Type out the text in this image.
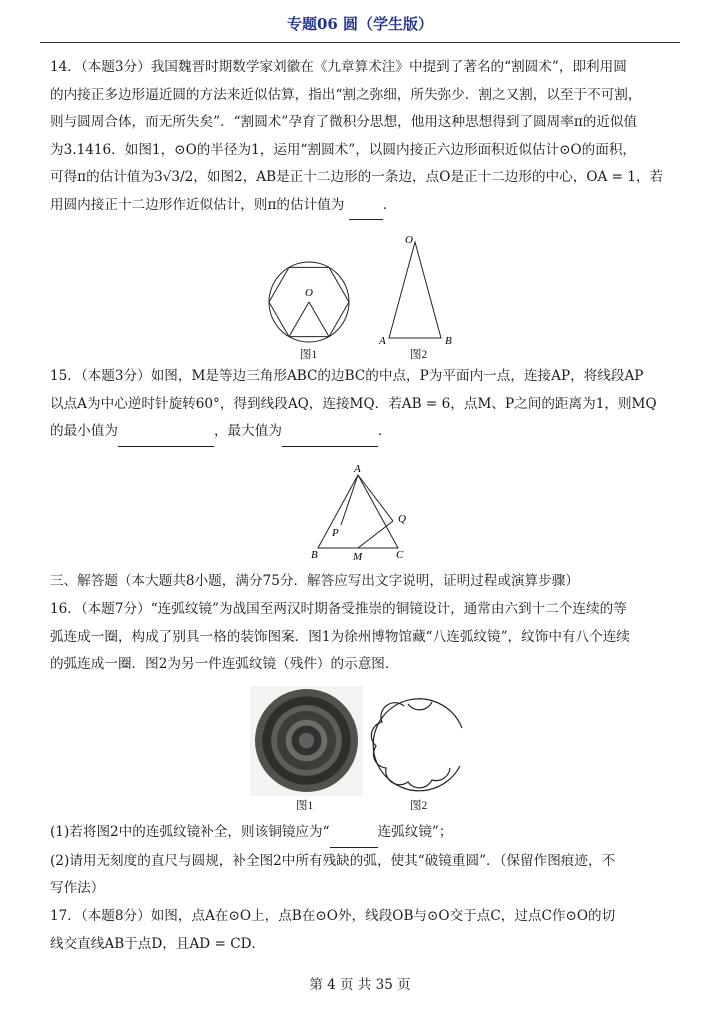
专题06 圆（学生版）
14．（本题3分）我国魏晋时期数学家刘徽在《九章算术注》中提到了著名的“割圆术”，即利用圆
的内接正多边形逼近圆的方法来近似估算，指出“割之弥细，所失弥少．割之又割，以至于不可割，
则与圆周合体，而无所失矣”．“割圆术”孕育了微积分思想，他用这种思想得到了圆周率π的近似值
为3.1416．如图1，⊙O的半径为1，运用“割圆术”，以圆内接正六边形面积近似估计⊙O的面积，
可得π的估计值为3√3/2，如图2，AB是正十二边形的一条边，点O是正十二边形的中心，OA = 1，若
用圆内接正十二边形作近似估计，则π的估计值为	．
O
O
A	B
图1	图2
15．（本题3分）如图，M是等边三角形ABC的边BC的中点，P为平面内一点，连接AP，将线段AP
以点A为中心逆时针旋转60°，得到线段AQ，连接MQ．若AB = 6，点M、P之间的距离为1，则MQ
的最小值为	，最大值为	．
A
B	C
M
P
Q
三、解答题（本大题共8小题，满分75分．解答应写出文字说明，证明过程或演算步骤）
16．（本题7分）“连弧纹镜”为战国至两汉时期备受推崇的铜镜设计，通常由六到十二个连续的等
弧连成一圈，构成了别具一格的装饰图案．图1为徐州博物馆藏“八连弧纹镜”，纹饰中有八个连续
的弧连成一圈．图2为另一件连弧纹镜（残件）的示意图．
图1	图2
(1)若将图2中的连弧纹镜补全，则该铜镜应为“	连弧纹镜”；
(2)请用无刻度的直尺与圆规，补全图2中所有残缺的弧，使其“破镜重圆”．（保留作图痕迹，不
写作法）
17．（本题8分）如图，点A在⊙O上，点B在⊙O外，线段OB与⊙O交于点C，过点C作⊙O的切
线交直线AB于点D，且AD = CD．
第 4 页 共 35 页
